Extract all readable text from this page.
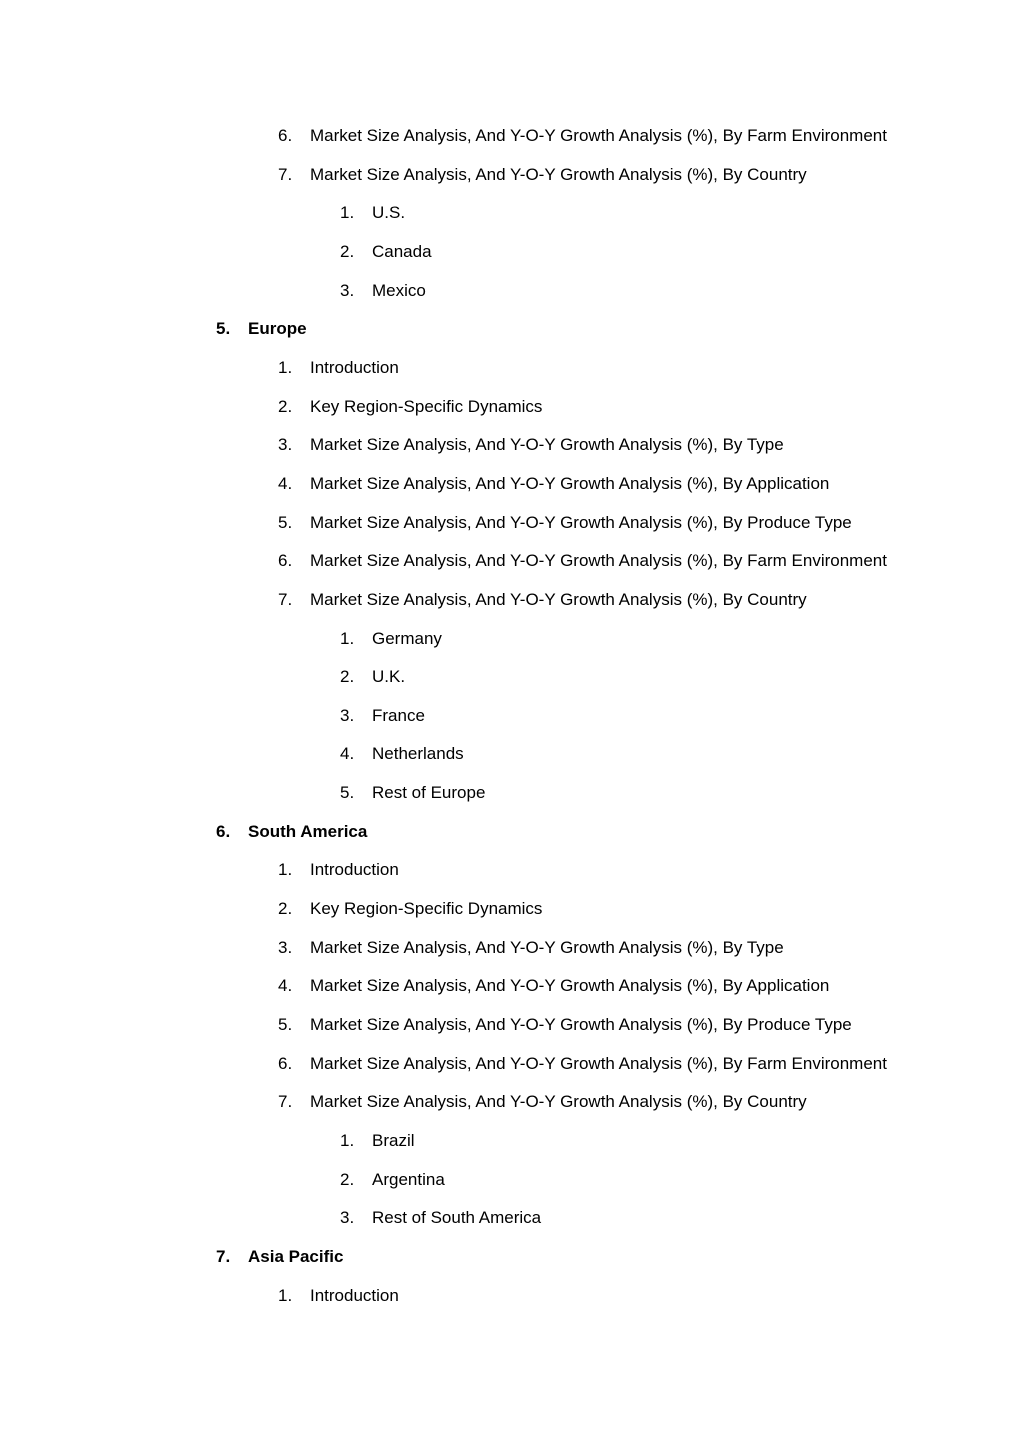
6.	Market Size Analysis, And Y-O-Y Growth Analysis (%), By Farm Environment
7.	Market Size Analysis, And Y-O-Y Growth Analysis (%), By Country
1.	U.S.
2.	Canada
3.	Mexico
5.	Europe
1.	Introduction
2.	Key Region-Specific Dynamics
3.	Market Size Analysis, And Y-O-Y Growth Analysis (%), By Type
4.	Market Size Analysis, And Y-O-Y Growth Analysis (%), By Application
5.	Market Size Analysis, And Y-O-Y Growth Analysis (%), By Produce Type
6.	Market Size Analysis, And Y-O-Y Growth Analysis (%), By Farm Environment
7.	Market Size Analysis, And Y-O-Y Growth Analysis (%), By Country
1.	Germany
2.	U.K.
3.	France
4.	Netherlands
5.	Rest of Europe
6.	South America
1.	Introduction
2.	Key Region-Specific Dynamics
3.	Market Size Analysis, And Y-O-Y Growth Analysis (%), By Type
4.	Market Size Analysis, And Y-O-Y Growth Analysis (%), By Application
5.	Market Size Analysis, And Y-O-Y Growth Analysis (%), By Produce Type
6.	Market Size Analysis, And Y-O-Y Growth Analysis (%), By Farm Environment
7.	Market Size Analysis, And Y-O-Y Growth Analysis (%), By Country
1.	Brazil
2.	Argentina
3.	Rest of South America
7.	Asia Pacific
1.	Introduction
